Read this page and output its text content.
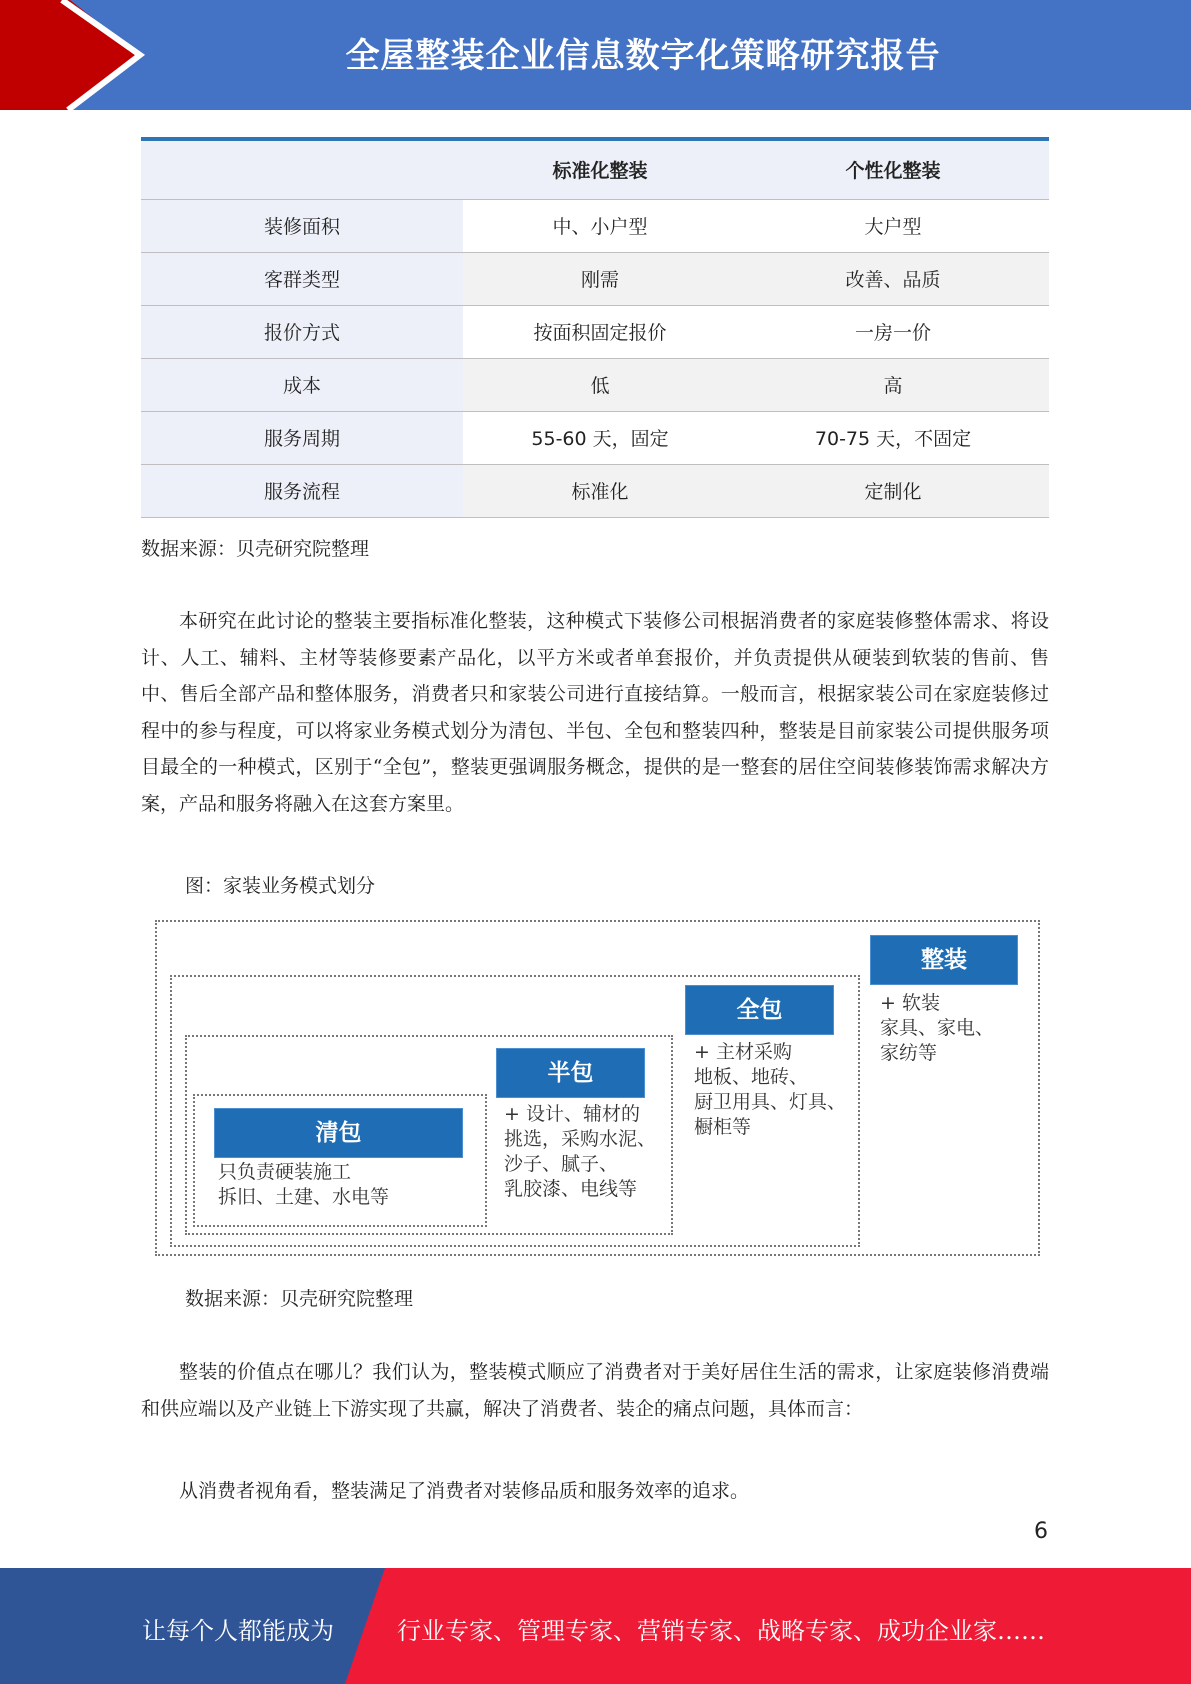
全屋整装企业信息数字化策略研究报告
	标准化整装	个性化整装
装修面积	中、小户型	大户型
客群类型	刚需	改善、品质
报价方式	按面积固定报价	一房一价
成本	低	高
服务周期	55-60 天，固定	70-75 天，不固定
服务流程	标准化	定制化
数据来源：贝壳研究院整理
本研究在此讨论的整装主要指标准化整装，这种模式下装修公司根据消费者的家庭装修整体需求、将设计、人工、辅料、主材等装修要素产品化，以平方米或者单套报价，并负责提供从硬装到软装的售前、售中、售后全部产品和整体服务，消费者只和家装公司进行直接结算。一般而言，根据家装公司在家庭装修过程中的参与程度，可以将家业务模式划分为清包、半包、全包和整装四种，整装是目前家装公司提供服务项目最全的一种模式，区别于“全包”，整装更强调服务概念，提供的是一整套的居住空间装修装饰需求解决方案，产品和服务将融入在这套方案里。
图：家装业务模式划分
清包
只负责硬装施工
拆旧、土建、水电等
半包
+ 设计、辅材的
挑选，采购水泥、
沙子、腻子、
乳胶漆、电线等
全包
+ 主材采购
地板、地砖、
厨卫用具、灯具、
橱柜等
整装
+ 软装
家具、家电、
家纺等
数据来源：贝壳研究院整理
整装的价值点在哪儿？我们认为，整装模式顺应了消费者对于美好居住生活的需求，让家庭装修消费端和供应端以及产业链上下游实现了共赢，解决了消费者、装企的痛点问题，具体而言：
从消费者视角看，整装满足了消费者对装修品质和服务效率的追求。
6
让每个人都能成为	行业专家、管理专家、营销专家、战略专家、成功企业家……
